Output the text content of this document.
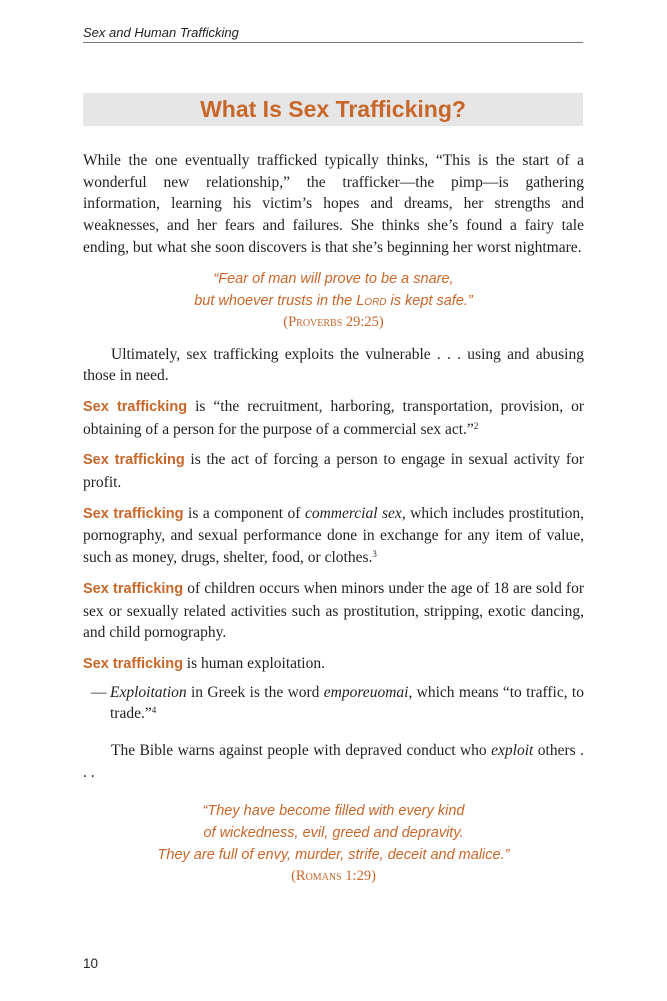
Sex and Human Trafficking
What Is Sex Trafficking?

While the one eventually trafficked typically thinks, “This is the start of a wonderful new relationship,” the trafficker—the pimp—is gathering information, learning his victim’s hopes and dreams, her strengths and weaknesses, and her fears and failures. She thinks she’s found a fairy tale ending, but what she soon discovers is that she’s beginning her worst nightmare.

“Fear of man will prove to be a snare,
but whoever trusts in the Lord is kept safe.”
(Proverbs 29:25)

Ultimately, sex trafficking exploits the vulnerable . . . using and abusing those in need.

Sex trafficking is “the recruitment, harboring, transportation, provision, or obtaining of a person for the purpose of a commercial sex act.”$^2$

Sex trafficking is the act of forcing a person to engage in sexual activity for profit.

Sex trafficking is a component of commercial sex, which includes prostitution, pornography, and sexual performance done in exchange for any item of value, such as money, drugs, shelter, food, or clothes.$^3$

Sex trafficking of children occurs when minors under the age of 18 are sold for sex or sexually related activities such as prostitution, stripping, exotic dancing, and child pornography.

Sex trafficking is human exploitation.

— Exploitation in Greek is the word emporeuomai, which means “to traffic, to trade.”$^4$

The Bible warns against people with depraved conduct who exploit others . . .

“They have become filled with every kind
of wickedness, evil, greed and depravity.
They are full of envy, murder, strife, deceit and malice.”
(Romans 1:29)
10
